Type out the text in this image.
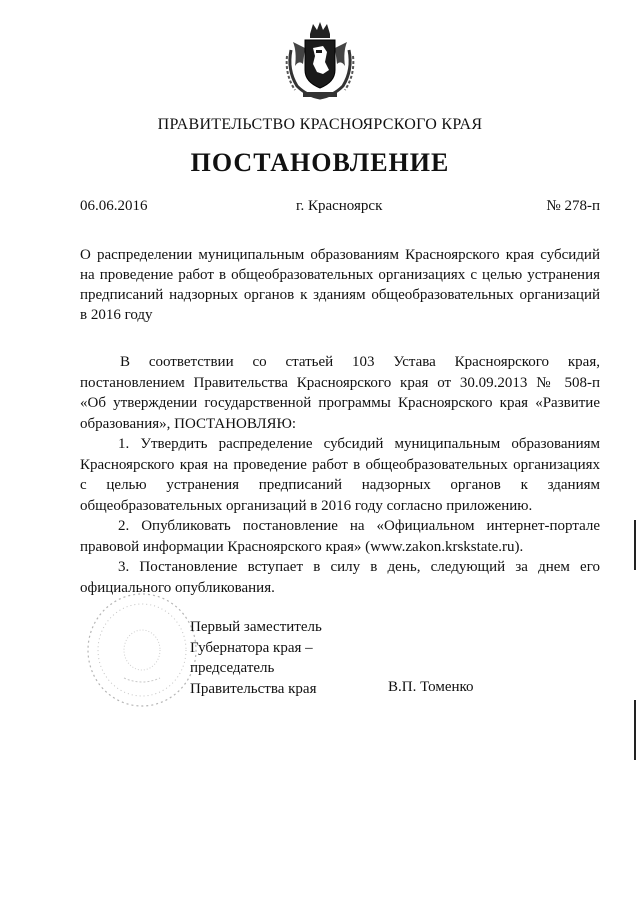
ПРАВИТЕЛЬСТВО КРАСНОЯРСКОГО КРАЯ
ПОСТАНОВЛЕНИЕ
06.06.2016	г. Красноярск	№ 278-п
О распределении муниципальным образованиям Красноярского края субсидий
на проведение работ в общеобразовательных организациях с целью устранения
предписаний надзорных органов к зданиям общеобразовательных организаций
в 2016 году
В соответствии со статьей 103 Устава Красноярского края,
постановлением Правительства Красноярского края от 30.09.2013 № 508-п
«Об утверждении государственной программы Красноярского края «Развитие
образования», ПОСТАНОВЛЯЮ:
1. Утвердить распределение субсидий муниципальным образованиям
Красноярского края на проведение работ в общеобразовательных организациях
с целью устранения предписаний надзорных органов к зданиям
общеобразовательных организаций в 2016 году согласно приложению.
2. Опубликовать постановление на «Официальном интернет-портале
правовой информации Красноярского края» (www.zakon.krskstate.ru).
3. Постановление вступает в силу в день, следующий за днем его
официального опубликования.
Первый заместитель
Губернатора края –
председатель
Правительства края	В.П. Томенко
